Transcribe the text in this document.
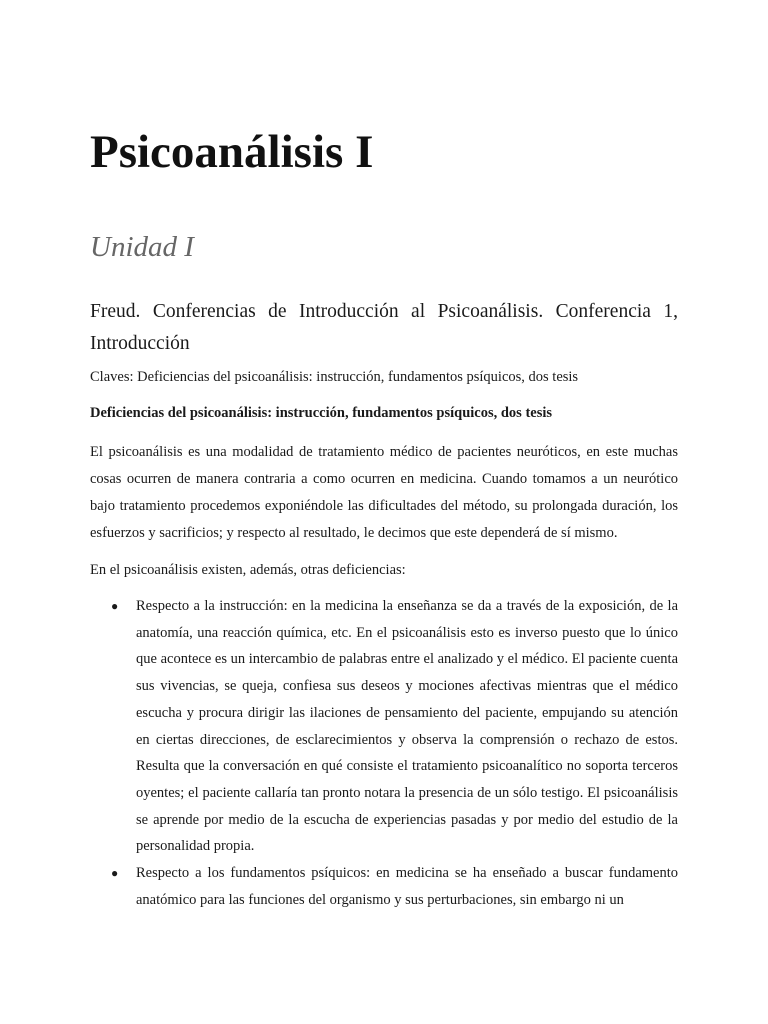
Psicoanálisis I
Unidad I
Freud. Conferencias de Introducción al Psicoanálisis. Conferencia 1, Introducción

Claves: Deficiencias del psicoanálisis: instrucción, fundamentos psíquicos, dos tesis

Deficiencias del psicoanálisis: instrucción, fundamentos psíquicos, dos tesis

El psicoanálisis es una modalidad de tratamiento médico de pacientes neuróticos, en este muchas cosas ocurren de manera contraria a como ocurren en medicina. Cuando tomamos a un neurótico bajo tratamiento procedemos exponiéndole las dificultades del método, su prolongada duración, los esfuerzos y sacrificios; y respecto al resultado, le decimos que este dependerá de sí mismo.

En el psicoanálisis existen, además, otras deficiencias:

● Respecto a la instrucción: en la medicina la enseñanza se da a través de la exposición, de la anatomía, una reacción química, etc. En el psicoanálisis esto es inverso puesto que lo único que acontece es un intercambio de palabras entre el analizado y el médico. El paciente cuenta sus vivencias, se queja, confiesa sus deseos y mociones afectivas mientras que el médico escucha y procura dirigir las ilaciones de pensamiento del paciente, empujando su atención en ciertas direcciones, de esclarecimientos y observa la comprensión o rechazo de estos. Resulta que la conversación en qué consiste el tratamiento psicoanalítico no soporta terceros oyentes; el paciente callaría tan pronto notara la presencia de un sólo testigo. El psicoanálisis se aprende por medio de la escucha de experiencias pasadas y por medio del estudio de la personalidad propia.
● Respecto a los fundamentos psíquicos: en medicina se ha enseñado a buscar fundamento anatómico para las funciones del organismo y sus perturbaciones, sin embargo ni un
